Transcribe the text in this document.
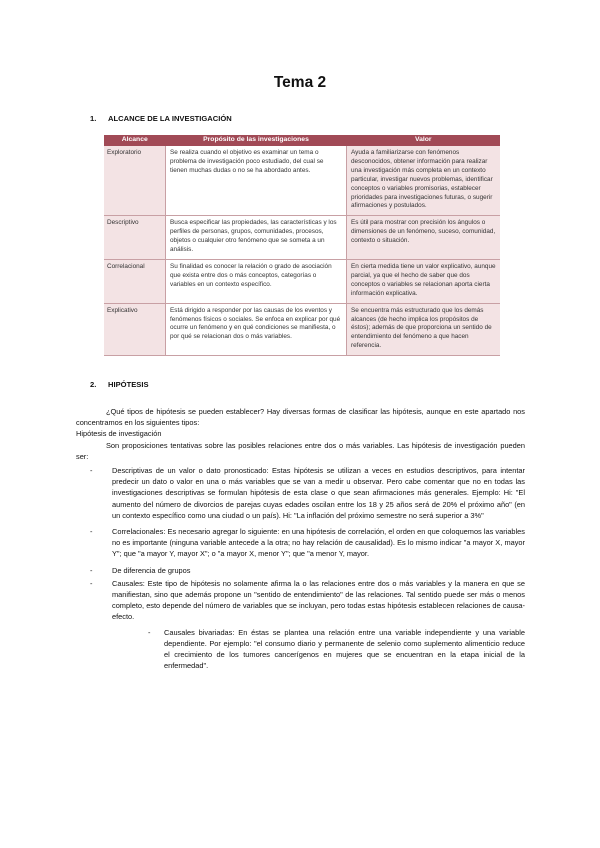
Tema 2
1. ALCANCE DE LA INVESTIGACIÓN
Alcance	Propósito de las investigaciones	Valor
Exploratorio	Se realiza cuando el objetivo es examinar un tema o problema de investigación poco estudiado, del cual se tienen muchas dudas o no se ha abordado antes.	Ayuda a familiarizarse con fenómenos desconocidos, obtener información para realizar una investigación más completa en un contexto particular, investigar nuevos problemas, identificar conceptos o variables promisorias, establecer prioridades para investigaciones futuras, o sugerir afirmaciones y postulados.
Descriptivo	Busca especificar las propiedades, las características y los perfiles de personas, grupos, comunidades, procesos, objetos o cualquier otro fenómeno que se someta a un análisis.	Es útil para mostrar con precisión los ángulos o dimensiones de un fenómeno, suceso, comunidad, contexto o situación.
Correlacional	Su finalidad es conocer la relación o grado de asociación que exista entre dos o más conceptos, categorías o variables en un contexto específico.	En cierta medida tiene un valor explicativo, aunque parcial, ya que el hecho de saber que dos conceptos o variables se relacionan aporta cierta información explicativa.
Explicativo	Está dirigido a responder por las causas de los eventos y fenómenos físicos o sociales. Se enfoca en explicar por qué ocurre un fenómeno y en qué condiciones se manifiesta, o por qué se relacionan dos o más variables.	Se encuentra más estructurado que los demás alcances (de hecho implica los propósitos de éstos); además de que proporciona un sentido de entendimiento del fenómeno a que hacen referencia.
2. HIPÓTESIS

¿Qué tipos de hipótesis se pueden establecer? Hay diversas formas de clasificar las hipótesis, aunque en este apartado nos concentramos en los siguientes tipos:

Hipótesis de investigación

Son proposiciones tentativas sobre las posibles relaciones entre dos o más variables. Las hipótesis de investigación pueden ser:

-	Descriptivas de un valor o dato pronosticado: Estas hipótesis se utilizan a veces en estudios descriptivos, para intentar predecir un dato o valor en una o más variables que se van a medir u observar. Pero cabe comentar que no en todas las investigaciones descriptivas se formulan hipótesis de esta clase o que sean afirmaciones más generales. Ejemplo: Hi: "El aumento del número de divorcios de parejas cuyas edades oscilan entre los 18 y 25 años será de 20% el próximo año" (en un contexto específico como una ciudad o un país). Hi: "La inflación del próximo semestre no será superior a 3%"

-	Correlacionales: Es necesario agregar lo siguiente: en una hipótesis de correlación, el orden en que coloquemos las variables no es importante (ninguna variable antecede a la otra; no hay relación de causalidad). Es lo mismo indicar "a mayor X, mayor Y"; que "a mayor Y, mayor X"; o "a mayor X, menor Y"; que "a menor Y, mayor.

-	De diferencia de grupos

-	Causales: Este tipo de hipótesis no solamente afirma la o las relaciones entre dos o más variables y la manera en que se manifiestan, sino que además propone un "sentido de entendimiento" de las relaciones. Tal sentido puede ser más o menos completo, esto depende del número de variables que se incluyan, pero todas estas hipótesis establecen relaciones de causa-efecto.

-	Causales bivariadas: En éstas se plantea una relación entre una variable independiente y una variable dependiente. Por ejemplo: "el consumo diario y permanente de selenio como suplemento alimenticio reduce el crecimiento de los tumores cancerígenos en mujeres que se encuentran en la etapa inicial de la enfermedad".
